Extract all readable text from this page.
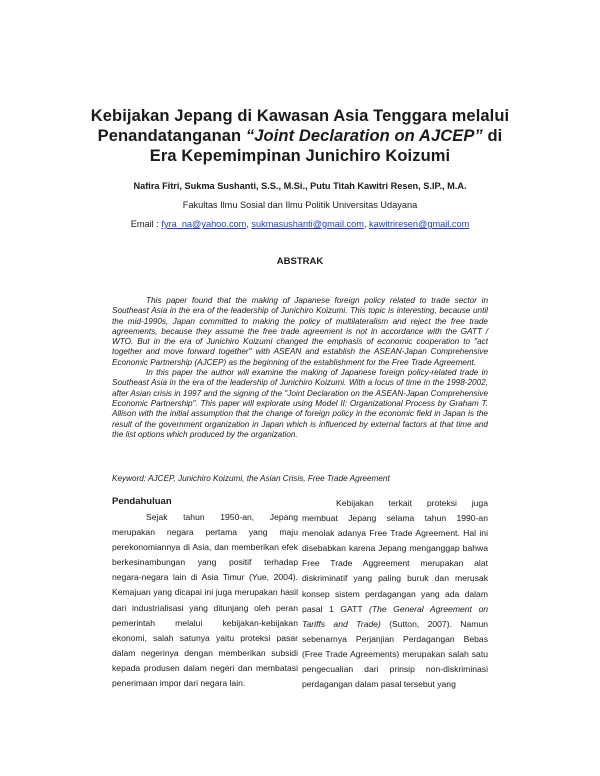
Kebijakan Jepang di Kawasan Asia Tenggara melalui
Penandatanganan “Joint Declaration on AJCEP” di
Era Kepemimpinan Junichiro Koizumi
Nafira Fitri, Sukma Sushanti, S.S., M.Si., Putu Titah Kawitri Resen, S.IP., M.A.
Fakultas Ilmu Sosial dan Ilmu Politik Universitas Udayana
Email : fyra_na@yahoo.com, sukmasushanti@gmail.com, kawitriresen@gmail.com
ABSTRAK

This paper found that the making of Japanese foreign policy related to trade sector in Southeast Asia in the era of the leadership of Junichiro Koizumi. This topic is interesting, because until the mid-1990s, Japan committed to making the policy of multilateralism and reject the free trade agreements, because they assume the free trade agreement is not in accordance with the GATT / WTO. But in the era of Junichiro Koizumi changed the emphasis of economic cooperation to "act together and move forward together" with ASEAN and establish the ASEAN-Japan Comprehensive Economic Partnership (AJCEP) as the beginning of the establishment for the Free Trade Agreement.

In this paper the author will examine the making of Japanese foreign policy-related trade in Southeast Asia in the era of the leadership of Junichiro Koizumi. With a locus of time in the 1998-2002, after Asian crisis in 1997 and the signing of the "Joint Declaration on the ASEAN-Japan Comprehensive Economic Partnership". This paper will explorate using Model II: Organizational Process by Graham T. Allison with the initial assumption that the change of foreign policy in the economic field in Japan is the result of the government organization in Japan which is influenced by external factors at that time and the list options which produced by the organization.

Keyword: AJCEP, Junichiro Koizumi, the Asian Crisis, Free Trade Agreement
Pendahuluan

Sejak tahun 1950-an, Jepang merupakan negara pertama yang maju perekonomiannya di Asia, dan memberikan efek berkesinambungan yang positif terhadap negara-negara lain di Asia Timur (Yue, 2004). Kemajuan yang dicapai ini juga merupakan hasil dari industrialisasi yang ditunjang oleh peran pemerintah melalui kebijakan-kebijakan ekonomi, salah satunya yaitu proteksi pasar dalam negerinya dengan memberikan subsidi kepada produsen dalam negeri dan membatasi penerimaan impor dari negara lain.

Kebijakan terkait proteksi juga membuat Jepang selama tahun 1990-an menolak adanya Free Trade Agreement. Hal ini disebabkan karena Jepang menganggap bahwa Free Trade Aggreement merupakan alat diskriminatif yang paling buruk dan merusak konsep sistem perdagangan yang ada dalam pasal 1 GATT (The General Agreement on Tariffs and Trade) (Sutton, 2007). Namun sebenarnya Perjanjian Perdagangan Bebas (Free Trade Agreements) merupakan salah satu pengecualian dari prinsip non-diskriminasi perdagangan dalam pasal tersebut yang
